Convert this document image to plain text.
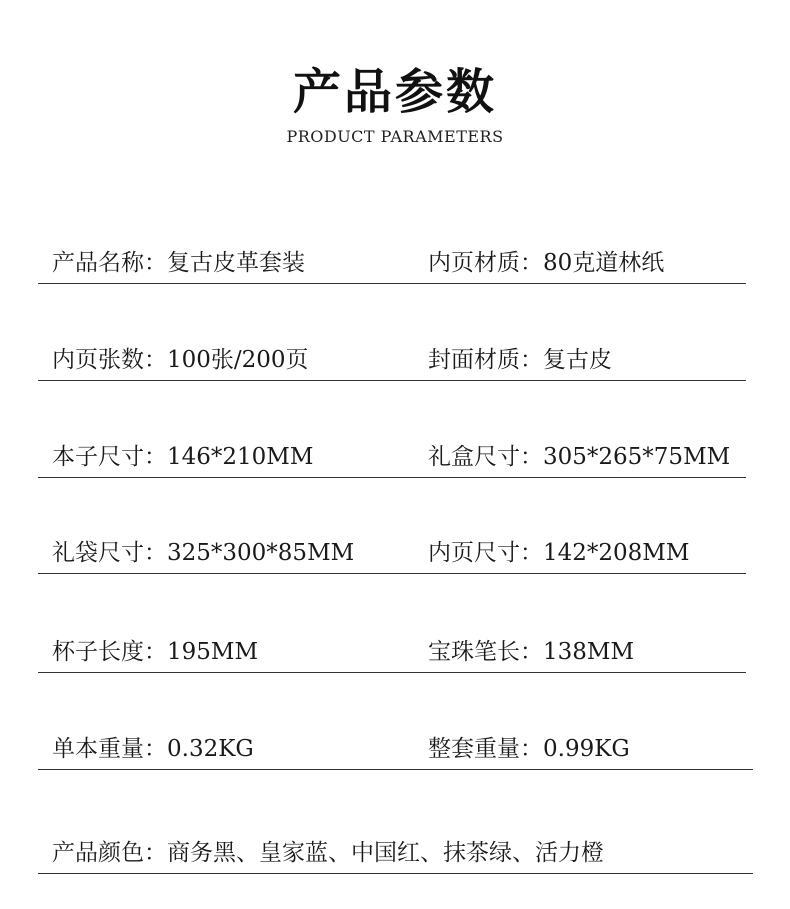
产品参数
PRODUCT PARAMETERS
产品名称：复古皮革套装	内页材质：80克道林纸
内页张数：100张/200页	封面材质：复古皮
本子尺寸：146*210MM	礼盒尺寸：305*265*75MM
礼袋尺寸：325*300*85MM	内页尺寸：142*208MM
杯子长度：195MM	宝珠笔长：138MM
单本重量：0.32KG	整套重量：0.99KG
产品颜色：商务黑、皇家蓝、中国红、抹茶绿、活力橙
